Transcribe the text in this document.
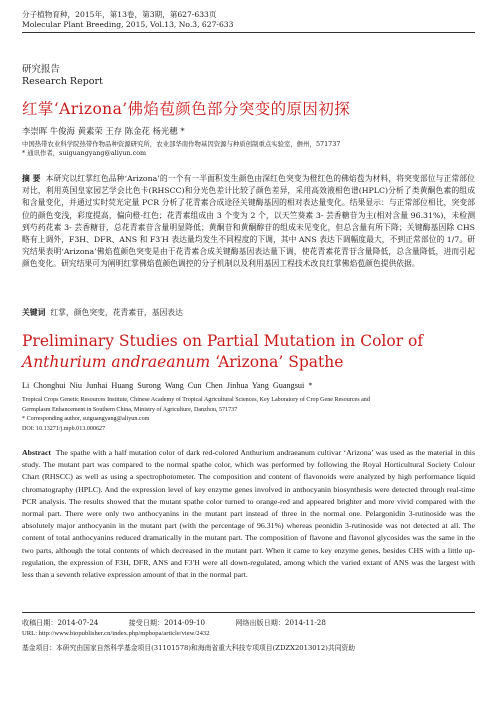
分子植物育种，2015年，第13卷，第3期，第627-633页
Molecular Plant Breeding, 2015, Vol.13, No.3, 627-633
研究报告
Research Report
红掌‘Arizona’佛焰苞颜色部分突变的原因初探
李崇晖 牛俊海 黄素荣 王存 陈金花 杨光穗 *
中国热带农业科学院热带作物品种资源研究所，农业部华南作物基因资源与种质创制重点实验室，儋州，571737
* 通讯作者，suiguangyang@aliyun.com
摘 要 本研究以红掌红色品种‘Arizona’的一个有一半面积发生颜色由深红色突变为橙红色的佛焰苞为材料，将突变部位与正常部位对比，利用英国皇家园艺学会比色卡(RHSCC)和分光色差计比较了颜色差异，采用高效液相色谱(HPLC)分析了类黄酮色素的组成和含量变化，并通过实时荧光定量 PCR 分析了花青素合成途径关键酶基因的相对表达量变化。结果显示：与正常部位相比，突变部位的颜色变浅，彩度提高，偏向橙-红色；花青素组成由 3 个变为 2 个，以天竺葵素 3- 芸香糖苷为主(相对含量 96.31%)，未检测到芍药花素 3- 芸香糖苷，总花青素苷含量明显降低；黄酮苷和黄酮醇苷的组成未见变化，但总含量有所下降；关键酶基因除 CHS 略有上调外，F3H、DFR、ANS 和 F3′H 表达量均发生不同程度的下调，其中 ANS 表达下调幅度最大，不到正常部位的 1/7。研究结果表明‘Arizona’佛焰苞颜色突变是由于花青素合成关键酶基因表达量下调，使花青素花青苷含量降低，总含量降低，进而引起颜色变化。研究结果可为阐明红掌佛焰苞颜色调控的分子机制以及利用基因工程技术改良红掌佛焰苞颜色提供依据。
关键词 红掌，颜色突变，花青素苷，基因表达
Preliminary Studies on Partial Mutation in Color of Anthurium andraeanum ‘Arizona’ Spathe
Li Chonghui Niu Junhai Huang Surong Wang Cun Chen Jinhua Yang Guangsui *
Tropical Crops Genetic Resources Institute, Chinese Academy of Tropical Agricultural Sciences, Key Laboratory of Crop Gene Resources and
Germplasm Enhancement in Southern China, Ministry of Agriculture, Danzhou, 571737
* Corresponding author, suiguangyang@aliyun.com
DOI: 10.13271/j.mpb.013.000627
Abstract The spathe with a half mutation color of dark red-colored Anthurium andraeanum cultivar ‘Arizona’ was used as the material in this study. The mutant part was compared to the normal spathe color, which was performed by following the Royal Horticultural Society Colour Chart (RHSCC) as well as using a spectrophotometer. The composition and content of flavonoids were analyzed by high performance liquid chromatography (HPLC). And the expression level of key enzyme genes involved in anthocyanin biosynthesis were detected through real-time PCR analysis. The results showed that the mutant spathe color turned to orange-red and appeared brighter and more vivid compared with the normal part. There were only two anthocyanins in the mutant part instead of three in the normal one. Pelargonidin 3-rutinoside was the absolutely major anthocyanin in the mutant part (with the percentage of 96.31%) whereas peonidin 3-rutinoside was not detected at all. The content of total anthocyanins reduced dramatically in the mutant part. The composition of flavone and flavonol glycosides was the same in the two parts, although the total contents of which decreased in the mutant part. When it came to key enzyme genes, besides CHS with a little up-regulation, the expression of F3H, DFR, ANS and F3′H were all down-regulated, among which the varied extant of ANS was the largest with less than a seventh relative expression amount of that in the normal part.
收稿日期：2014-07-24	接受日期：2014-09-10	网络出版日期：2014-11-28
URL: http://www.biopublisher.cn/index.php/mpbopa/article/view/2432
基金项目：本研究由国家自然科学基金项目(31101578)和海南省重大科技专项项目(ZDZX2013012)共同资助
